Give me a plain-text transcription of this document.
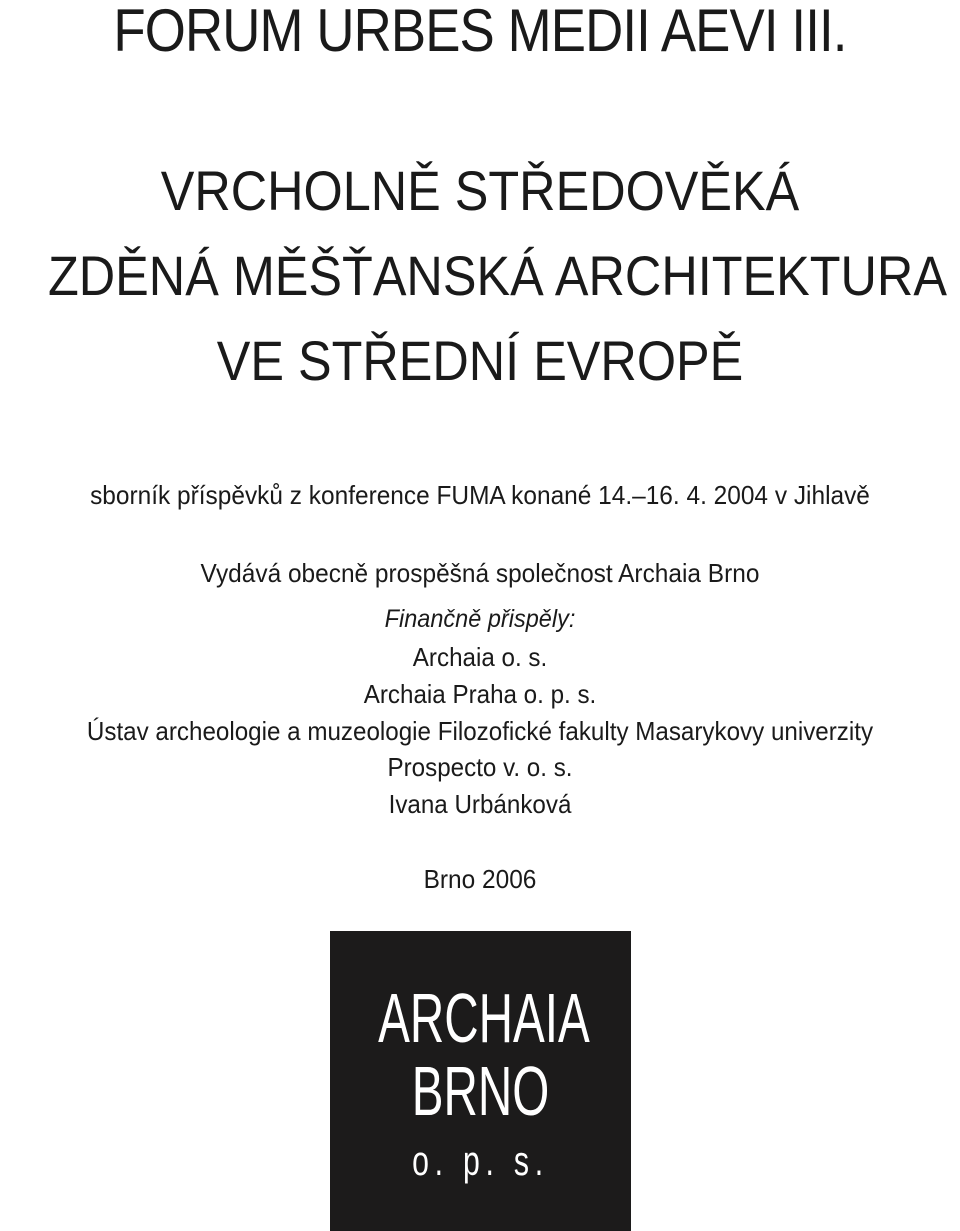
FORUM URBES MEDII AEVI III.
VRCHOLNĚ STŘEDOVĚKÁ
ZDĚNÁ MĚŠŤANSKÁ ARCHITEKTURA
VE STŘEDNÍ EVROPĚ
sborník příspěvků z konference FUMA konané 14.–16. 4. 2004 v Jihlavě
Vydává obecně prospěšná společnost Archaia Brno
Finančně přispěly:
Archaia o. s.
Archaia Praha o. p. s.
Ústav archeologie a muzeologie Filozofické fakulty Masarykovy univerzity
Prospecto v. o. s.
Ivana Urbánková
Brno 2006
ARCHAIA
BRNO
o. p. s.
